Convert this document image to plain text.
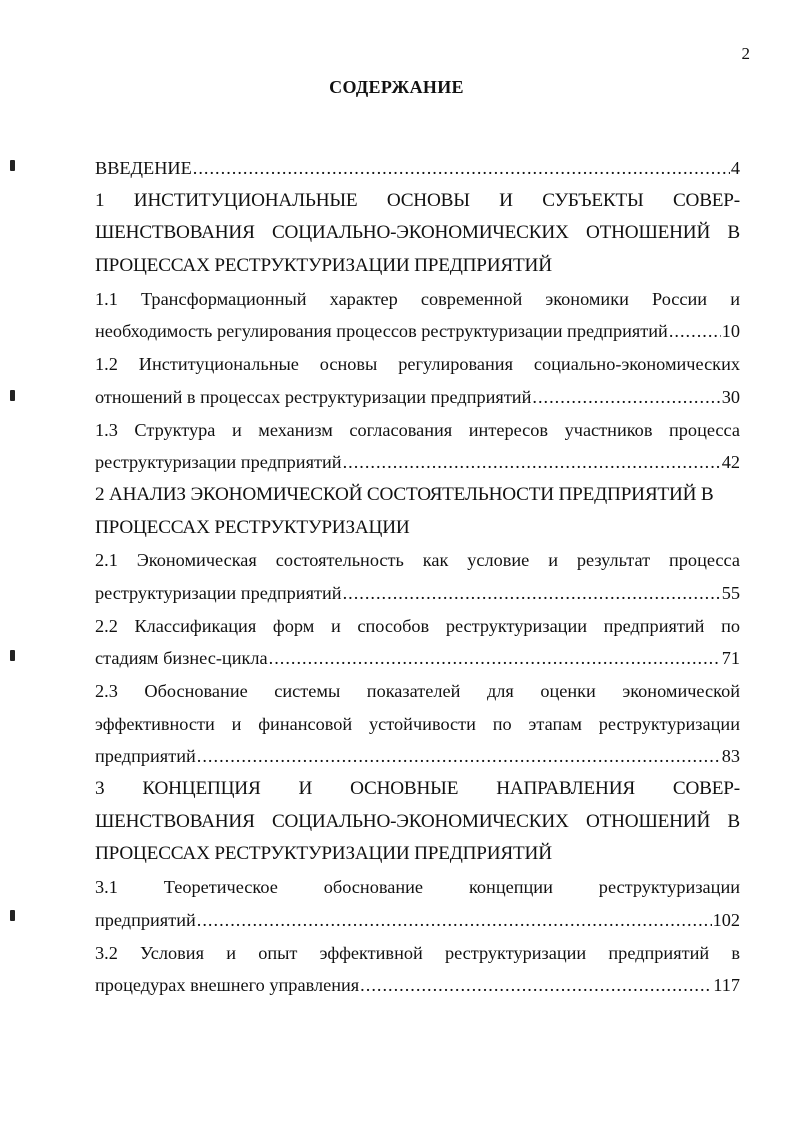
2
СОДЕРЖАНИЕ
ВВЕДЕНИЕ .....	4
1 ИНСТИТУЦИОНАЛЬНЫЕ ОСНОВЫ И СУБЪЕКТЫ СОВЕР-
ШЕНСТВОВАНИЯ СОЦИАЛЬНО-ЭКОНОМИЧЕСКИХ ОТНОШЕНИЙ В
ПРОЦЕССАХ РЕСТРУКТУРИЗАЦИИ ПРЕДПРИЯТИЙ
1.1 Трансформационный характер современной экономики России и
необходимость регулирования процессов реструктуризации предприятий .....	10
1.2 Институциональные основы регулирования социально-экономических
отношений в процессах реструктуризации предприятий .....	30
1.3 Структура и механизм согласования интересов участников процесса
реструктуризации предприятий .....	42
2 АНАЛИЗ ЭКОНОМИЧЕСКОЙ СОСТОЯТЕЛЬНОСТИ ПРЕДПРИЯТИЙ В
ПРОЦЕССАХ РЕСТРУКТУРИЗАЦИИ
2.1 Экономическая состоятельность как условие и результат процесса
реструктуризации предприятий .....	55
2.2 Классификация форм и способов реструктуризации предприятий по
стадиям бизнес-цикла .....	71
2.3 Обоснование системы показателей для оценки экономической
эффективности и финансовой устойчивости по этапам реструктуризации
предприятий .....	83
3 КОНЦЕПЦИЯ И ОСНОВНЫЕ НАПРАВЛЕНИЯ СОВЕР-
ШЕНСТВОВАНИЯ СОЦИАЛЬНО-ЭКОНОМИЧЕСКИХ ОТНОШЕНИЙ В
ПРОЦЕССАХ РЕСТРУКТУРИЗАЦИИ ПРЕДПРИЯТИЙ
3.1	Теоретическое	обоснование	концепции	реструктуризации
предприятий .....	102
3.2 Условия и опыт эффективной реструктуризации предприятий в
процедурах внешнего управления .....	117
